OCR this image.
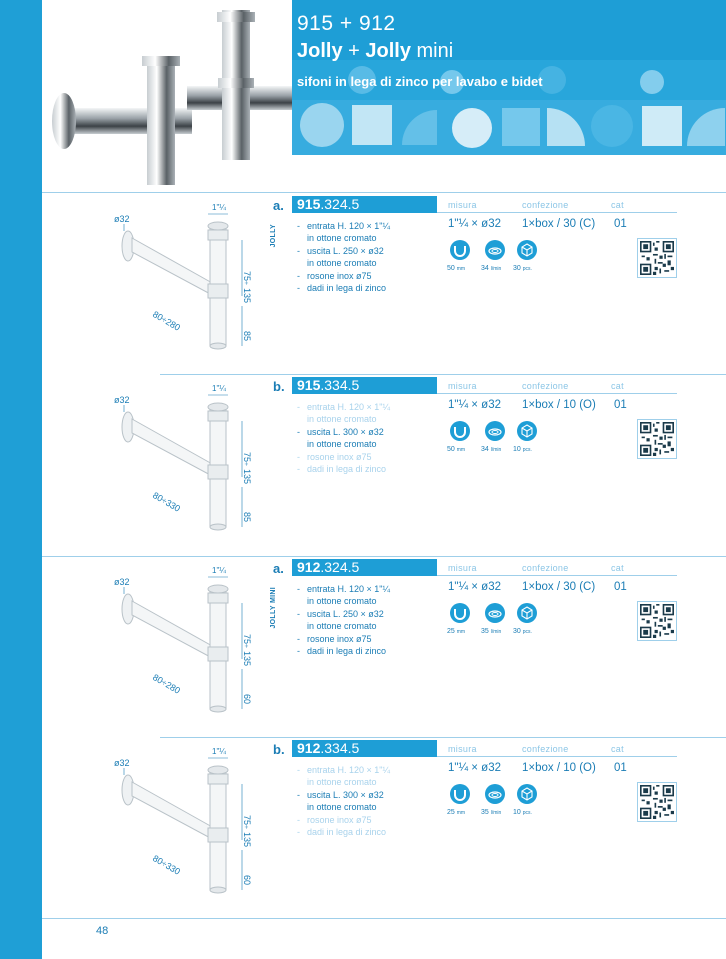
915 + 912
Jolly + Jolly mini
sifoni in lega di zinco per lavabo e bidet
1"¼
ø32
75
÷
135
80÷280
85
a. 915.324.5	misura	confezione	cat
JOLLY - entrata H. 120 × 1"¼
in ottone cromato
- uscita L. 250 × ø32
in ottone cromato
- rosone inox ø75
- dadi in lega di zinco
1"¼ × ø32 1×box / 30 (C) 01
50 mm 34 l/min 30 pcs.
1"¼
ø32
75
÷
135
80÷330
85
b. 915.334.5	misura	confezione	cat
- entrata H. 120 × 1"¼
in ottone cromato
- uscita L. 300 × ø32
in ottone cromato
- rosone inox ø75
- dadi in lega di zinco
1"¼ × ø32 1×box / 10 (O) 01
50 mm 34 l/min 10 pcs.
1"¼
ø32
75
÷
135
80÷280
60
a. 912.324.5	misura	confezione	cat
JOLLY MINI - entrata H. 120 × 1"¼
in ottone cromato
- uscita L. 250 × ø32
in ottone cromato
- rosone inox ø75
- dadi in lega di zinco
1"¼ × ø32 1×box / 30 (C) 01
25 mm 35 l/min 30 pcs.
1"¼
ø32
75
÷
135
80÷330
60
b. 912.334.5	misura	confezione	cat
- entrata H. 120 × 1"¼
in ottone cromato
- uscita L. 300 × ø32
in ottone cromato
- rosone inox ø75
- dadi in lega di zinco
1"¼ × ø32 1×box / 10 (O) 01
25 mm 35 l/min 10 pcs.
48
